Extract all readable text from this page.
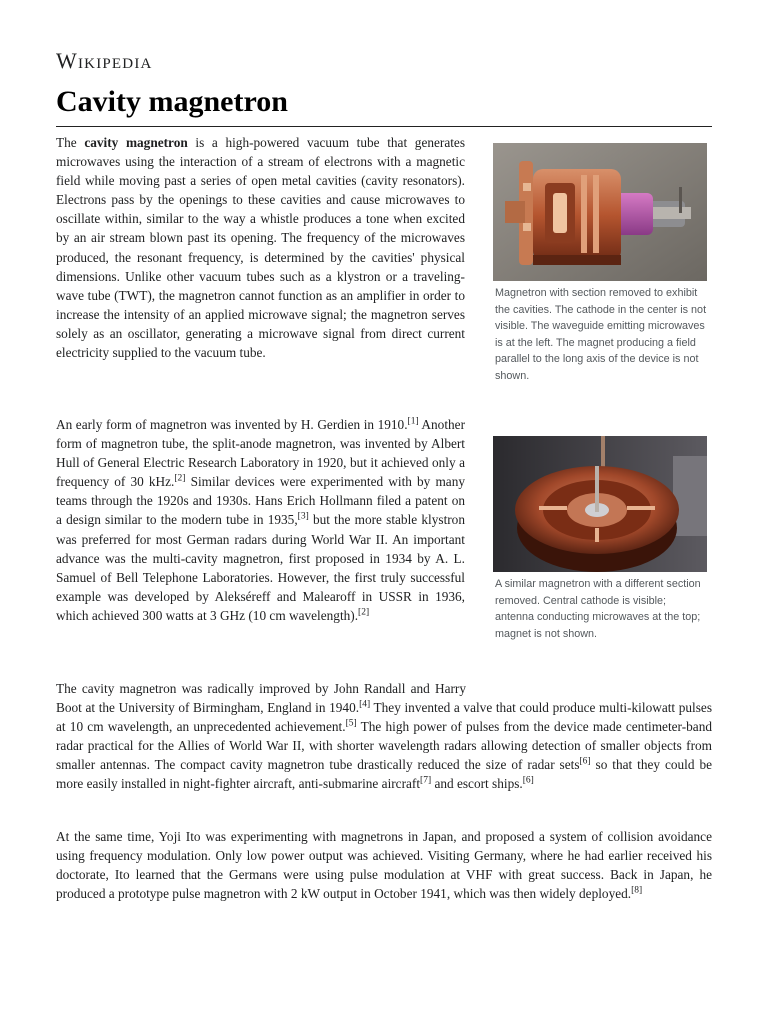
Wikipedia
Cavity magnetron

The cavity magnetron is a high-powered vacuum tube that generates microwaves using the interaction of a stream of electrons with a magnetic field while moving past a series of open metal cavities (cavity resonators). Electrons pass by the openings to these cavities and cause microwaves to oscillate within, similar to the way a whistle produces a tone when excited by an air stream blown past its opening. The frequency of the microwaves produced, the resonant frequency, is determined by the cavities' physical dimensions. Unlike other vacuum tubes such as a klystron or a traveling-wave tube (TWT), the magnetron cannot function as an amplifier in order to increase the intensity of an applied microwave signal; the magnetron serves solely as an oscillator, generating a microwave signal from direct current electricity supplied to the vacuum tube.

An early form of magnetron was invented by H. Gerdien in 1910.[1] Another form of magnetron tube, the split-anode magnetron, was invented by Albert Hull of General Electric Research Laboratory in 1920, but it achieved only a frequency of 30 kHz.[2] Similar devices were experimented with by many teams through the 1920s and 1930s. Hans Erich Hollmann filed a patent on a design similar to the modern tube in 1935,[3] but the more stable klystron was preferred for most German radars during World War II. An important advance was the multi-cavity magnetron, first proposed in 1934 by A. L. Samuel of Bell Telephone Laboratories. However, the first truly successful example was developed by Alekséreff and Malearoff in USSR in 1936, which achieved 300 watts at 3 GHz (10 cm wavelength).[2]

The cavity magnetron was radically improved by John Randall and Harry Boot at the University of Birmingham, England in 1940.[4] They invented a valve that could produce multi-kilowatt pulses at 10 cm wavelength, an unprecedented achievement.[5] The high power of pulses from the device made centimeter-band radar practical for the Allies of World War II, with shorter wavelength radars allowing detection of smaller objects from smaller antennas. The compact cavity magnetron tube drastically reduced the size of radar sets[6] so that they could be more easily installed in night-fighter aircraft, anti-submarine aircraft[7] and escort ships.[6]

At the same time, Yoji Ito was experimenting with magnetrons in Japan, and proposed a system of collision avoidance using frequency modulation. Only low power output was achieved. Visiting Germany, where he had earlier received his doctorate, Ito learned that the Germans were using pulse modulation at VHF with great success. Back in Japan, he produced a prototype pulse magnetron with 2 kW output in October 1941, which was then widely deployed.[8]

Magnetron with section removed to exhibit the cavities. The cathode in the center is not visible. The waveguide emitting microwaves is at the left. The magnet producing a field parallel to the long axis of the device is not shown.
A similar magnetron with a different section removed. Central cathode is visible; antenna conducting microwaves at the top; magnet is not shown.
